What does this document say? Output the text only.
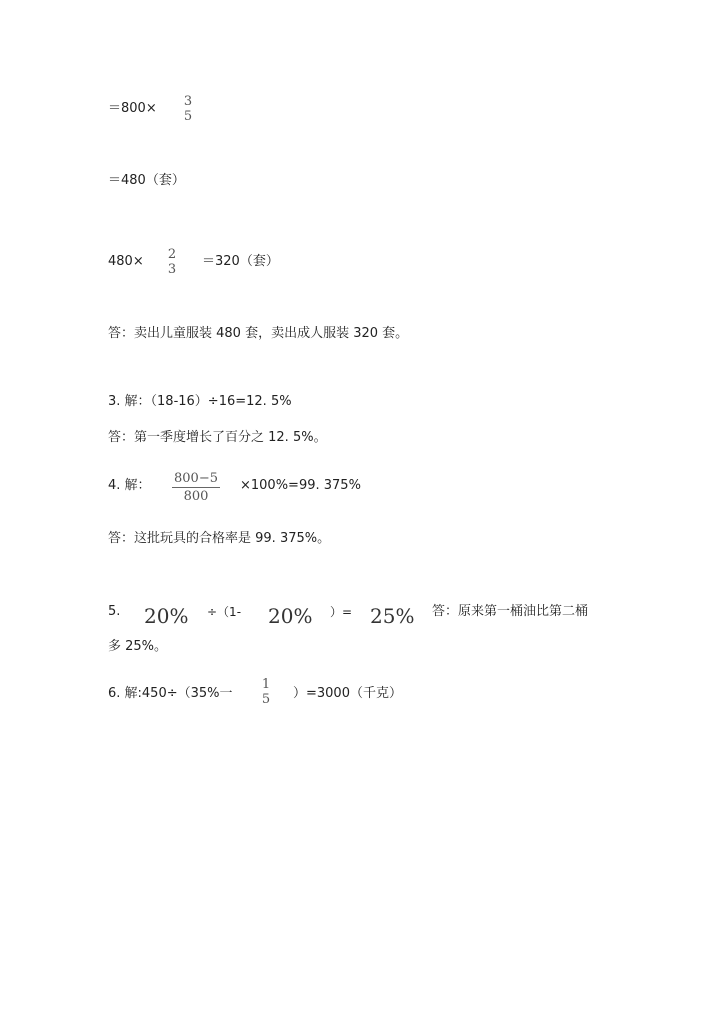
＝800× 3
5
＝480（套）
480× 2
3
＝320（套）
答：卖出儿童服装 480 套，卖出成人服装 320 套。
3. 解：（18-16）÷16=12. 5%
答：第一季度增长了百分之 12. 5%。
4. 解： 800−5
800
×100%=99. 375%
答：这批玩具的合格率是 99. 375%。
5. 20% ÷（1- 20% ）= 25% 答：原来第一桶油比第二桶
多 25%。
6. 解:450÷（35%一
1
5 ）=3000（千克）
